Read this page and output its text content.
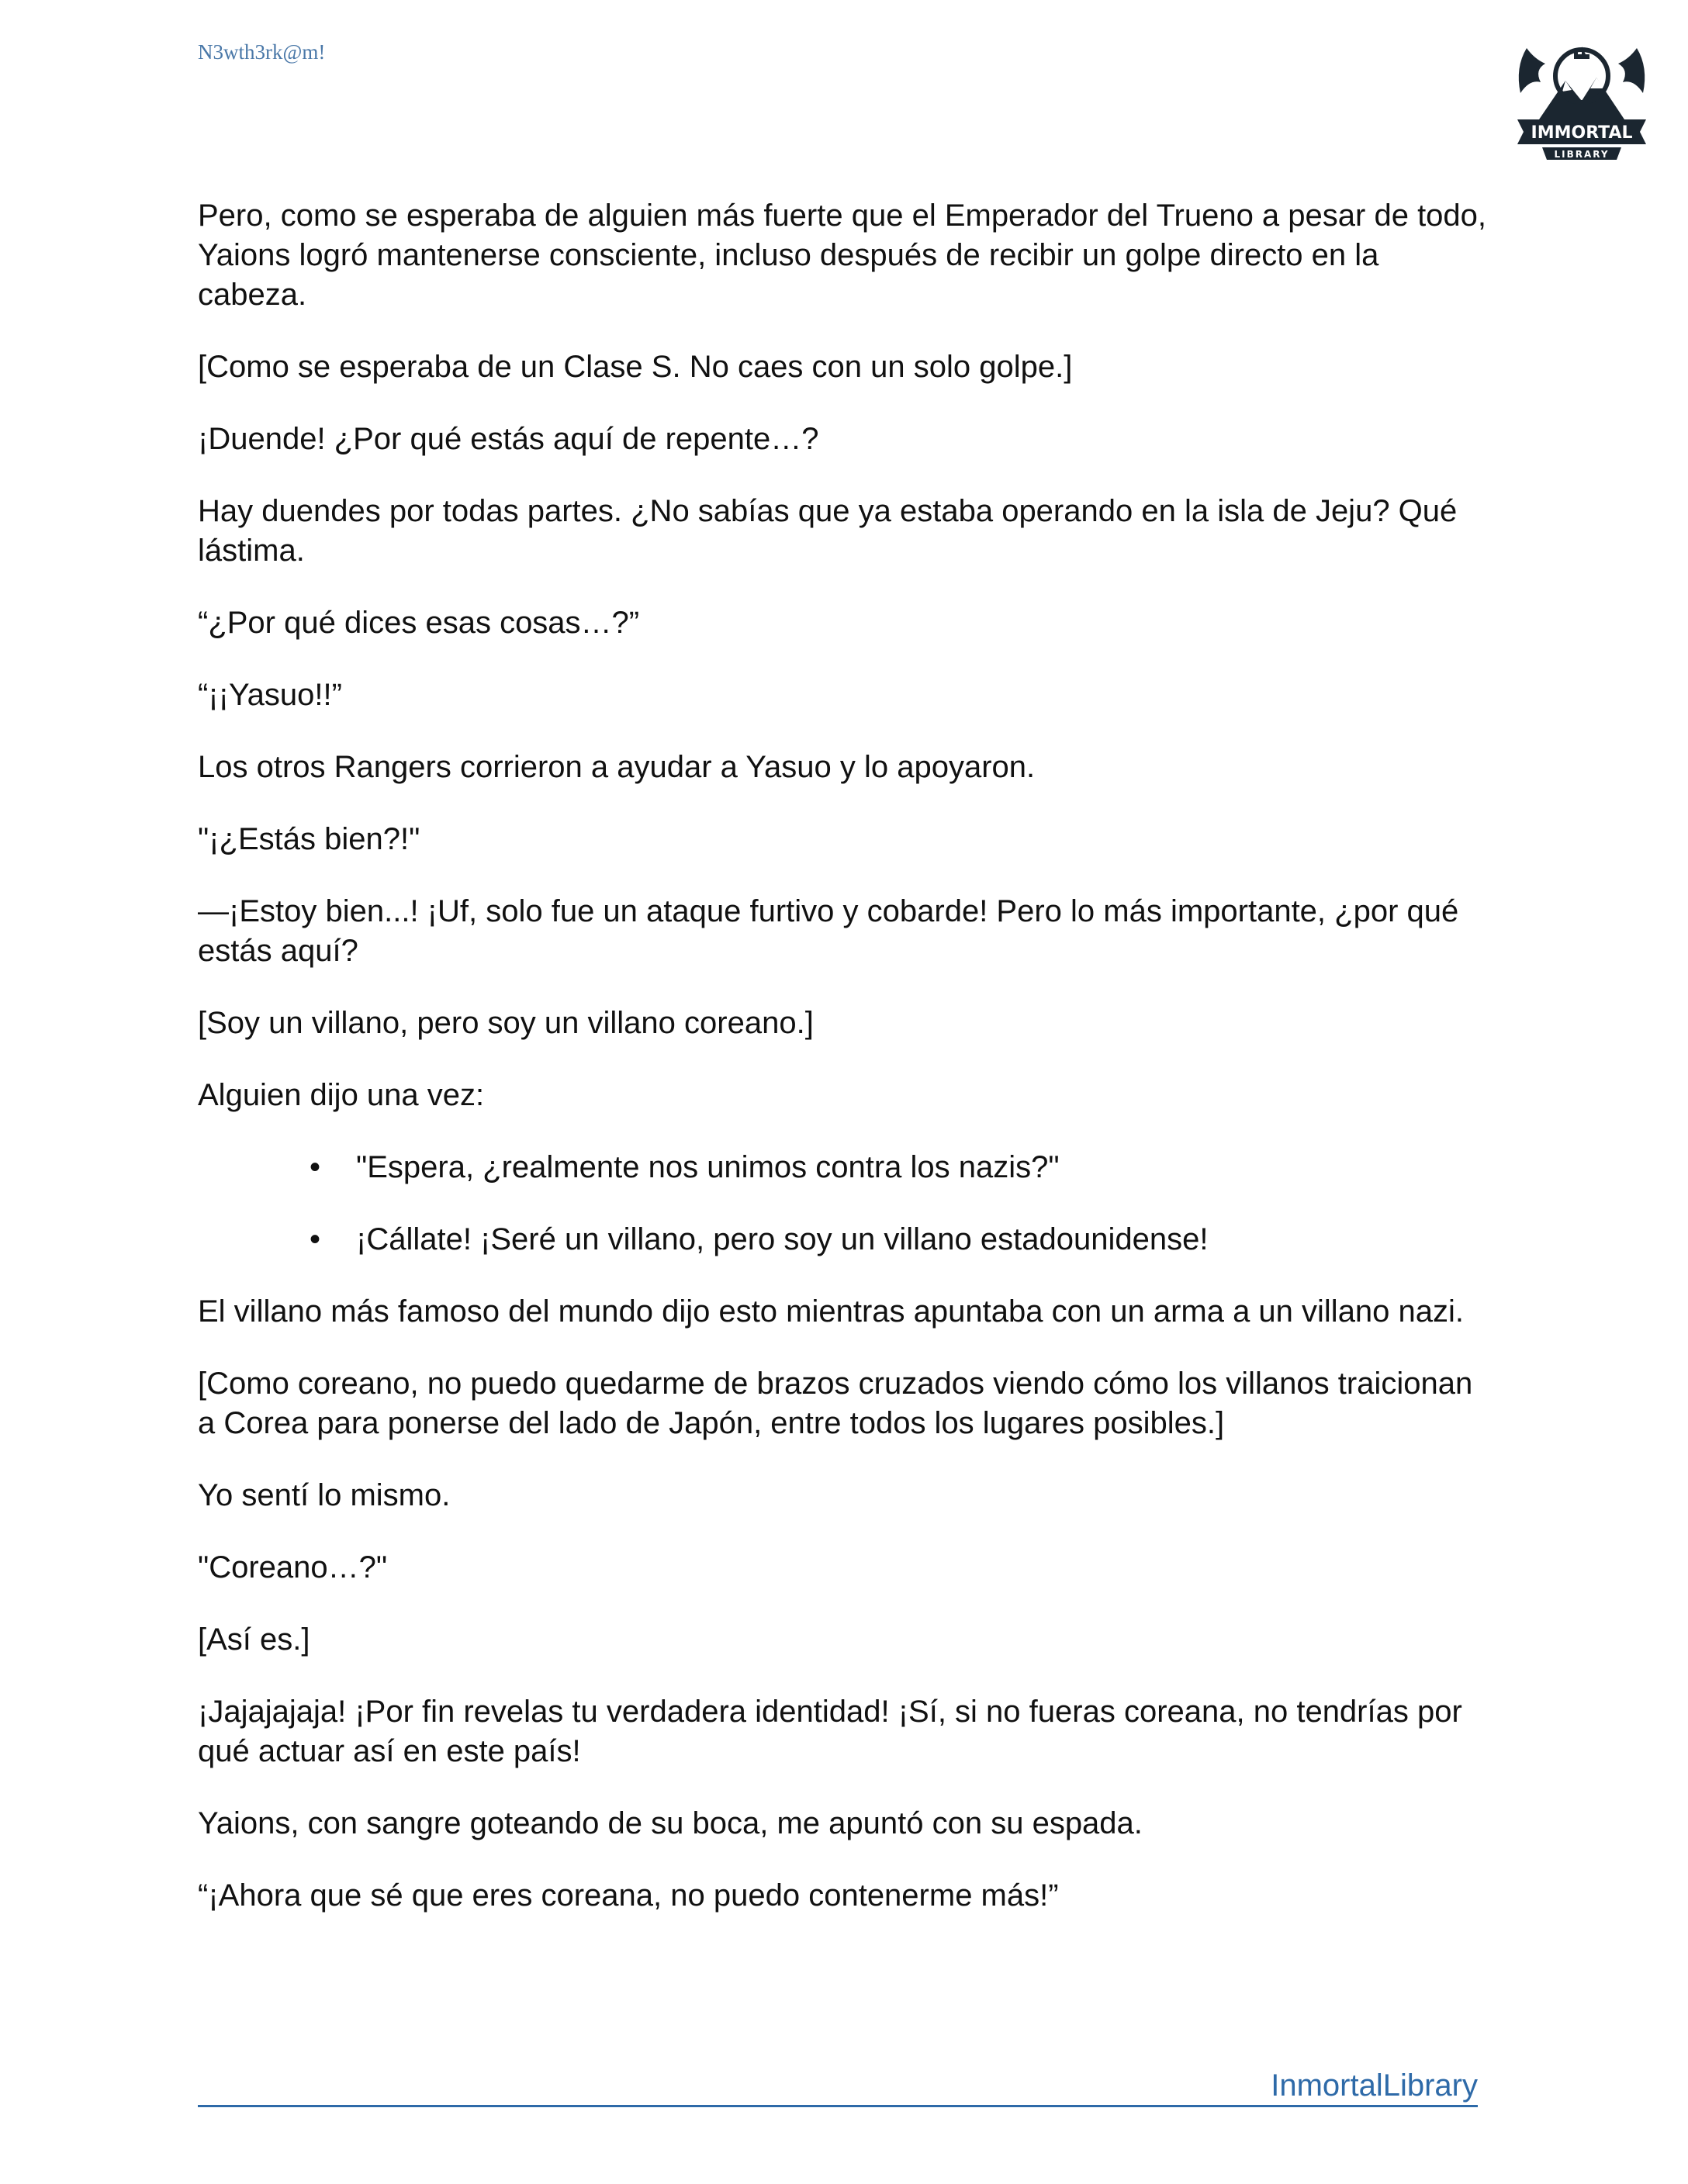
N3wth3rk@m!
IMMORTAL
LIBRARY

Pero, como se esperaba de alguien más fuerte que el Emperador del Trueno a pesar de todo, Yaions logró mantenerse consciente, incluso después de recibir un golpe directo en la cabeza.

[Como se esperaba de un Clase S. No caes con un solo golpe.]

¡Duende! ¿Por qué estás aquí de repente…?

Hay duendes por todas partes. ¿No sabías que ya estaba operando en la isla de Jeju? Qué lástima.

“¿Por qué dices esas cosas…?”

“¡¡Yasuo!!”

Los otros Rangers corrieron a ayudar a Yasuo y lo apoyaron.

"¡¿Estás bien?!"

—¡Estoy bien...! ¡Uf, solo fue un ataque furtivo y cobarde! Pero lo más importante, ¿por qué estás aquí?

[Soy un villano, pero soy un villano coreano.]

Alguien dijo una vez:

• "Espera, ¿realmente nos unimos contra los nazis?"
• ¡Cállate! ¡Seré un villano, pero soy un villano estadounidense!

El villano más famoso del mundo dijo esto mientras apuntaba con un arma a un villano nazi.

[Como coreano, no puedo quedarme de brazos cruzados viendo cómo los villanos traicionan a Corea para ponerse del lado de Japón, entre todos los lugares posibles.]

Yo sentí lo mismo.

"Coreano…?"

[Así es.]

¡Jajajajaja! ¡Por fin revelas tu verdadera identidad! ¡Sí, si no fueras coreana, no tendrías por qué actuar así en este país!

Yaions, con sangre goteando de su boca, me apuntó con su espada.

“¡Ahora que sé que eres coreana, no puedo contenerme más!”

InmortalLibrary
